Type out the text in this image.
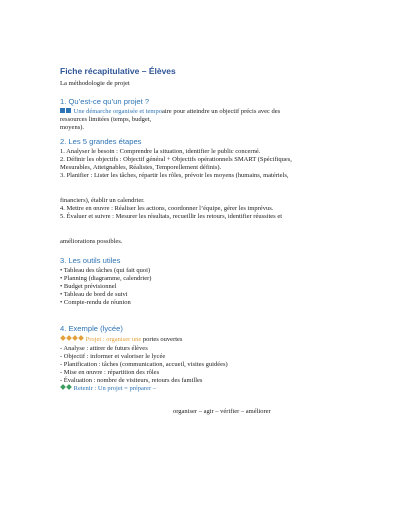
Fiche récapitulative – Élèves
La méthodologie de projet
1. Qu’est-ce qu’un projet ?
Une démarche organisée et tempoaire pour atteindre un objectif précis avec des
ressources limitées (temps, budget,
moyens).
2. Les 5 grandes étapes
1. Analyser le besoin : Comprendre la situation, identifier le public concerné.
2. Définir les objectifs : Objectif général + Objectifs opérationnels SMART (Spécifiques,
Mesurables, Atteignables, Réalistes, Temporellement définis).
3. Planifier : Lister les tâches, répartir les rôles, prévoir les moyens (humains, matériels,
financiers), établir un calendrier.
4. Mettre en œuvre : Réaliser les actions, coordonner l’équipe, gérer les imprévus.
5. Évaluer et suivre : Mesurer les résultats, recueillir les retours, identifier réussites et
améliorations possibles.
3. Les outils utiles
• Tableau des tâches (qui fait quoi)
• Planning (diagramme, calendrier)
• Budget prévisionnel
• Tableau de bord de suivi
• Compte-rendu de réunion
4. Exemple (lycée)
Projet : organiser une portes ouvertes
- Analyse : attirer de futurs élèves
- Objectif : informer et valoriser le lycée
- Planification : tâches (communication, accueil, visites guidées)
- Mise en œuvre : répartition des rôles
- Évaluation : nombre de visiteurs, retours des familles
Retenir : Un projet = préparer –
organiser – agir – vérifier – améliorer
